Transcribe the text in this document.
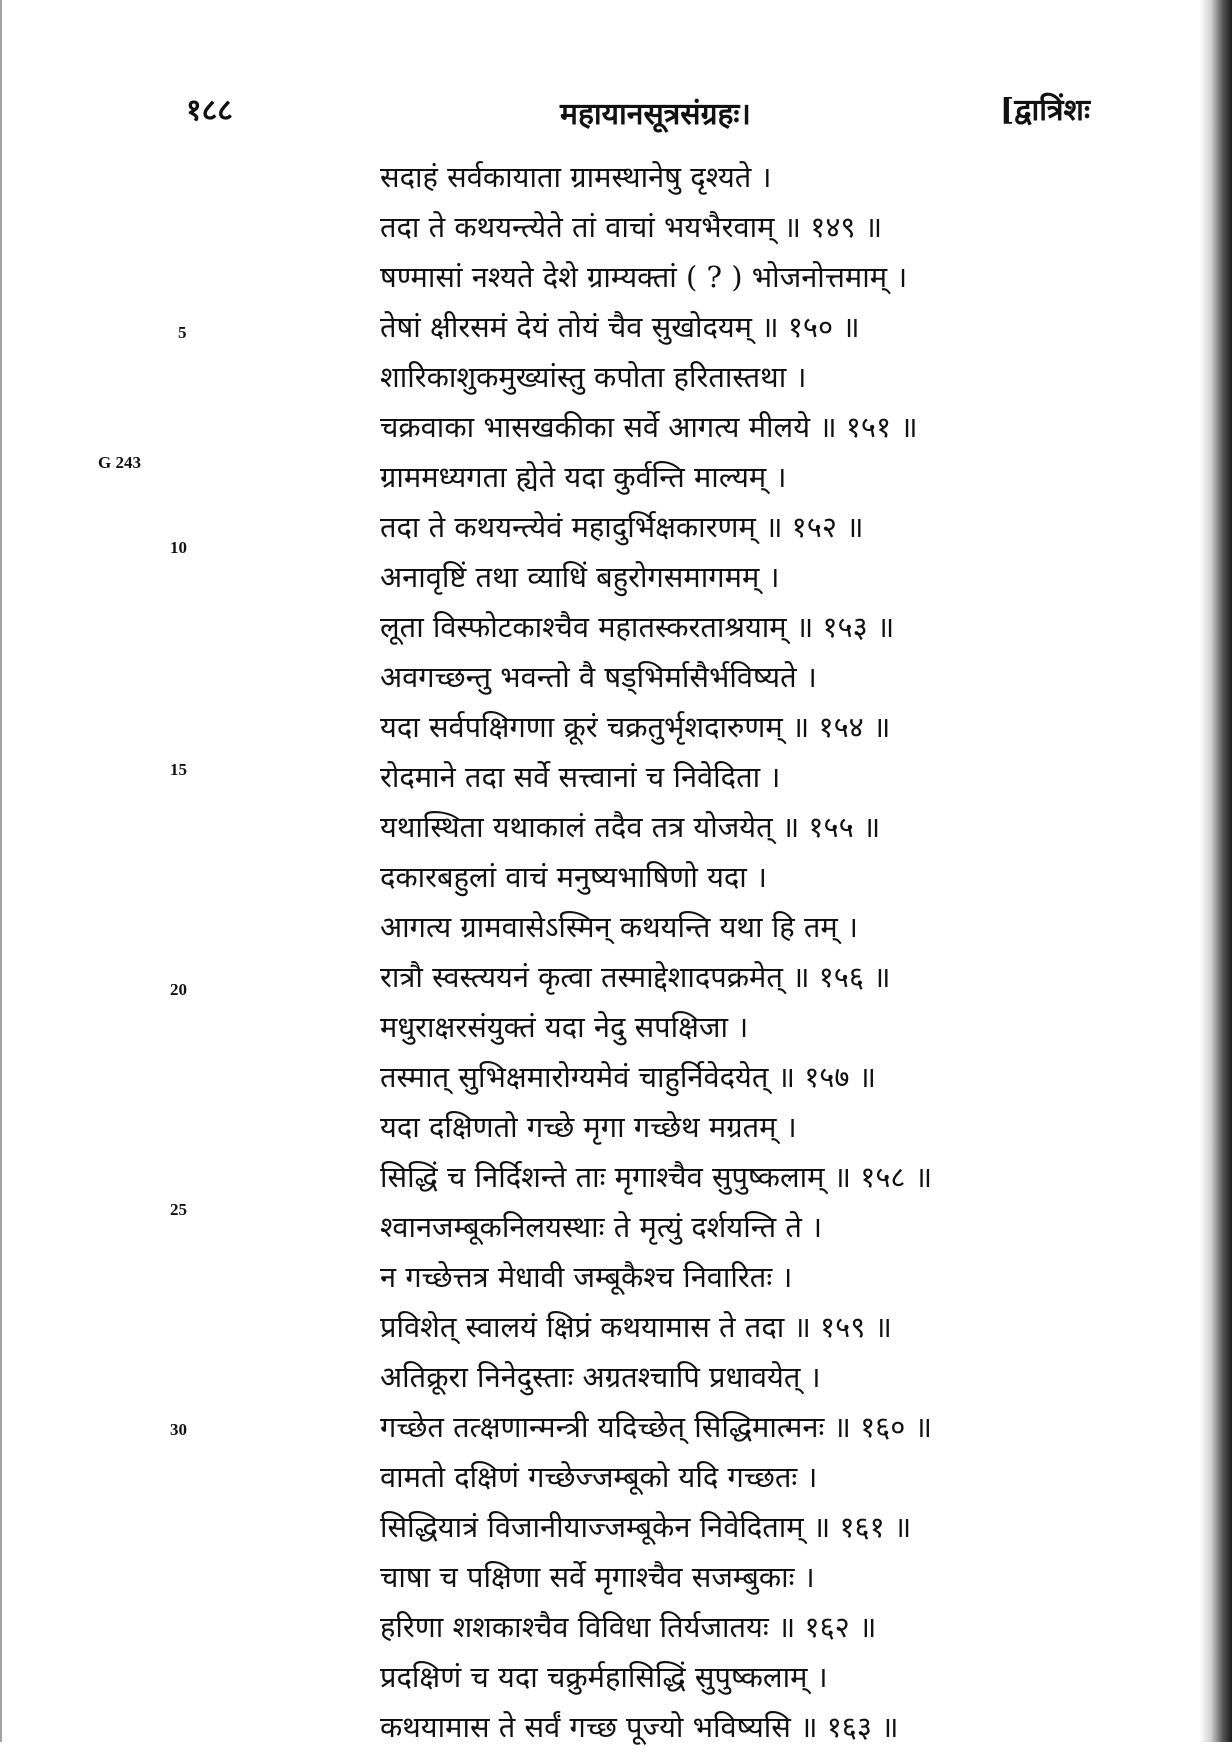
१८८	महायानसूत्रसंग्रहः।	[द्वात्रिंशः
G 243
5
10
15
20
25
30
सदाहं सर्वकायाता ग्रामस्थानेषु दृश्यते ।
तदा ते कथयन्त्येते तां वाचां भयभैरवाम् ॥ १४९ ॥
षण्मासां नश्यते देशे ग्राम्यक्तां ( ? ) भोजनोत्तमाम् ।
तेषां क्षीरसमं देयं तोयं चैव सुखोदयम् ॥ १५० ॥
शारिकाशुकमुख्यांस्तु कपोता हरितास्तथा ।
चक्रवाका भासखकीका सर्वे आगत्य मीलये ॥ १५१ ॥
ग्राममध्यगता ह्येते यदा कुर्वन्ति माल्यम् ।
तदा ते कथयन्त्येवं महादुर्भिक्षकारणम् ॥ १५२ ॥
अनावृष्टिं तथा व्याधिं बहुरोगसमागमम् ।
लूता विस्फोटकाश्चैव महातस्करताश्रयाम् ॥ १५३ ॥
अवगच्छन्तु भवन्तो वै षड्भिर्मासैर्भविष्यते ।
यदा सर्वपक्षिगणा क्रूरं चक्रतुर्भृशदारुणम् ॥ १५४ ॥
रोदमाने तदा सर्वे सत्त्वानां च निवेदिता ।
यथास्थिता यथाकालं तदैव तत्र योजयेत् ॥ १५५ ॥
दकारबहुलां वाचं मनुष्यभाषिणो यदा ।
आगत्य ग्रामवासेऽस्मिन् कथयन्ति यथा हि तम् ।
रात्रौ स्वस्त्ययनं कृत्वा तस्माद्देशादपक्रमेत् ॥ १५६ ॥
मधुराक्षरसंयुक्तं यदा नेदु सपक्षिजा ।
तस्मात् सुभिक्षमारोग्यमेवं चाहुर्निवेदयेत् ॥ १५७ ॥
यदा दक्षिणतो गच्छे मृगा गच्छेथ मग्रतम् ।
सिद्धिं च निर्दिशन्ते ताः मृगाश्चैव सुपुष्कलाम् ॥ १५८ ॥
श्वानजम्बूकनिलयस्थाः ते मृत्युं दर्शयन्ति ते ।
न गच्छेत्तत्र मेधावी जम्बूकैश्च निवारितः ।
प्रविशेत् स्वालयं क्षिप्रं कथयामास ते तदा ॥ १५९ ॥
अतिक्रूरा निनेदुस्ताः अग्रतश्चापि प्रधावयेत् ।
गच्छेत तत्क्षणान्मन्त्री यदिच्छेत् सिद्धिमात्मनः ॥ १६० ॥
वामतो दक्षिणं गच्छेज्जम्बूको यदि गच्छतः ।
सिद्धियात्रं विजानीयाज्जम्बूकेन निवेदिताम् ॥ १६१ ॥
चाषा च पक्षिणा सर्वे मृगाश्चैव सजम्बुकाः ।
हरिणा शशकाश्चैव विविधा तिर्यजातयः ॥ १६२ ॥
प्रदक्षिणं च यदा चक्रुर्महासिद्धिं सुपुष्कलाम् ।
कथयामास ते सर्वं गच्छ पूज्यो भविष्यसि ॥ १६३ ॥
